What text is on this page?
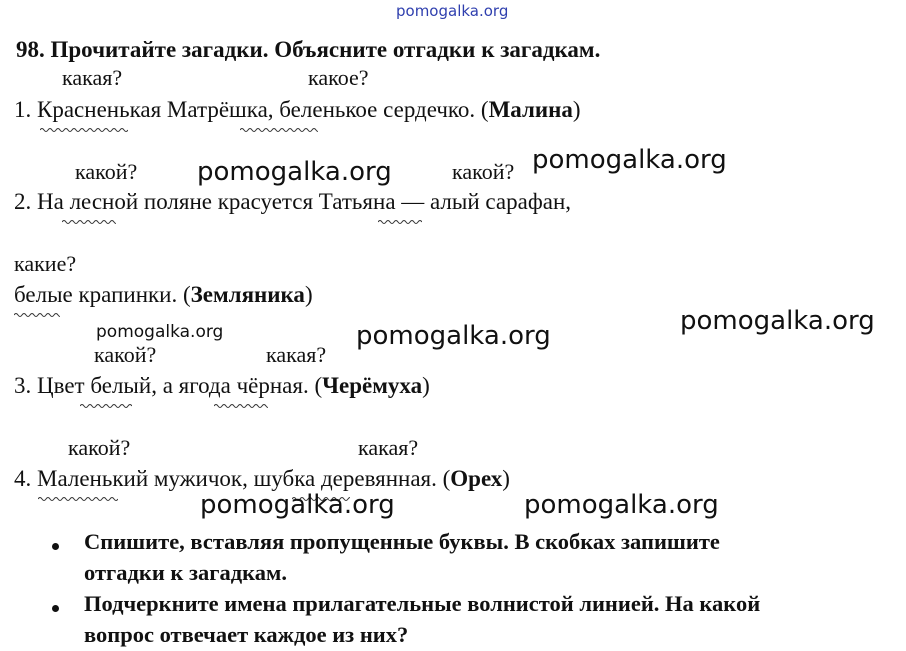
pomogalka.org
98. Прочитайте загадки. Объясните отгадки к загадкам.
какая?	какое?
1. Красненькая Матрёшка, беленькое сердечко. (Малина)
какой? pomogalka.org	какой? pomogalka.org
2. На лесной поляне красуется Татьяна — алый сарафан,
какие?
белые крапинки. (Земляника)
pomogalka.org	pomogalka.org	pomogalka.org
какой?	какая?
3. Цвет белый, а ягода чёрная. (Черёмуха)
какой?	какая?
4. Маленький мужичок, шубка деревянная. (Орех)
pomogalka.org	pomogalka.org
Спишите, вставляя пропущенные буквы. В скобках запишите
отгадки к загадкам.
Подчеркните имена прилагательные волнистой линией. На какой
вопрос отвечает каждое из них?
